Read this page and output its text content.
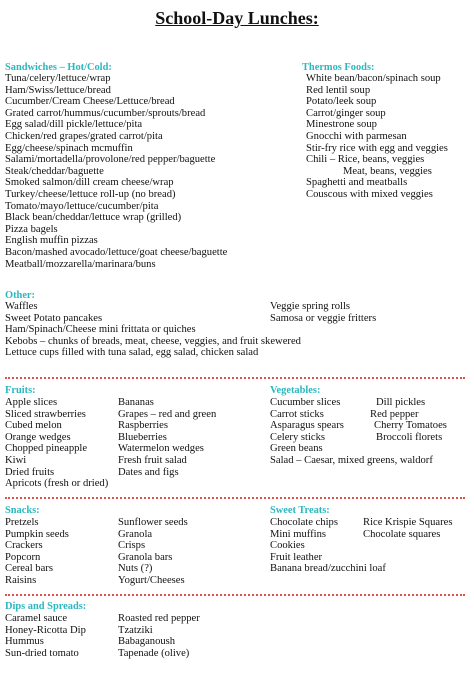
School-Day Lunches:
Sandwiches – Hot/Cold:
Tuna/celery/lettuce/wrap
Ham/Swiss/lettuce/bread
Cucumber/Cream Cheese/Lettuce/bread
Grated carrot/hummus/cucumber/sprouts/bread
Egg salad/dill pickle/lettuce/pita
Chicken/red grapes/grated carrot/pita
Egg/cheese/spinach mcmuffin
Salami/mortadella/provolone/red pepper/baguette
Steak/cheddar/baguette
Smoked salmon/dill cream cheese/wrap
Turkey/cheese/lettuce roll-up (no bread)
Tomato/mayo/lettuce/cucumber/pita
Black bean/cheddar/lettuce wrap (grilled)
Pizza bagels
English muffin pizzas
Bacon/mashed avocado/lettuce/goat cheese/baguette
Meatball/mozzarella/marinara/buns
Thermos Foods:
White bean/bacon/spinach soup
Red lentil soup
Potato/leek soup
Carrot/ginger soup
Minestrone soup
Gnocchi with parmesan
Stir-fry rice with egg and veggies
Chili – Rice, beans, veggies
Meat, beans, veggies
Spaghetti and meatballs
Couscous with mixed veggies
Other:
Waffles
Sweet Potato pancakes
Veggie spring rolls
Samosa or veggie fritters
Ham/Spinach/Cheese mini frittata or quiches
Kebobs – chunks of breads, meat, cheese, veggies, and fruit skewered
Lettuce cups filled with tuna salad, egg salad, chicken salad
Fruits:
Apple slices
Sliced strawberries
Cubed melon
Orange wedges
Chopped pineapple
Kiwi
Dried fruits
Apricots (fresh or dried)
Bananas
Grapes – red and green
Raspberries
Blueberries
Watermelon wedges
Fresh fruit salad
Dates and figs
Vegetables:
Cucumber slices
Carrot sticks
Asparagus spears
Celery sticks
Green beans
Dill pickles
Red pepper
Cherry Tomatoes
Broccoli florets
Salad – Caesar, mixed greens, waldorf
Snacks:
Pretzels
Pumpkin seeds
Crackers
Popcorn
Cereal bars
Raisins
Sunflower seeds
Granola
Crisps
Granola bars
Nuts (?)
Yogurt/Cheeses
Sweet Treats:
Chocolate chips
Mini muffins
Cookies
Fruit leather
Banana bread/zucchini loaf
Rice Krispie Squares
Chocolate squares
Dips and Spreads:
Caramel sauce
Honey-Ricotta Dip
Hummus
Sun-dried tomato
Roasted red pepper
Tzatziki
Babaganoush
Tapenade (olive)
